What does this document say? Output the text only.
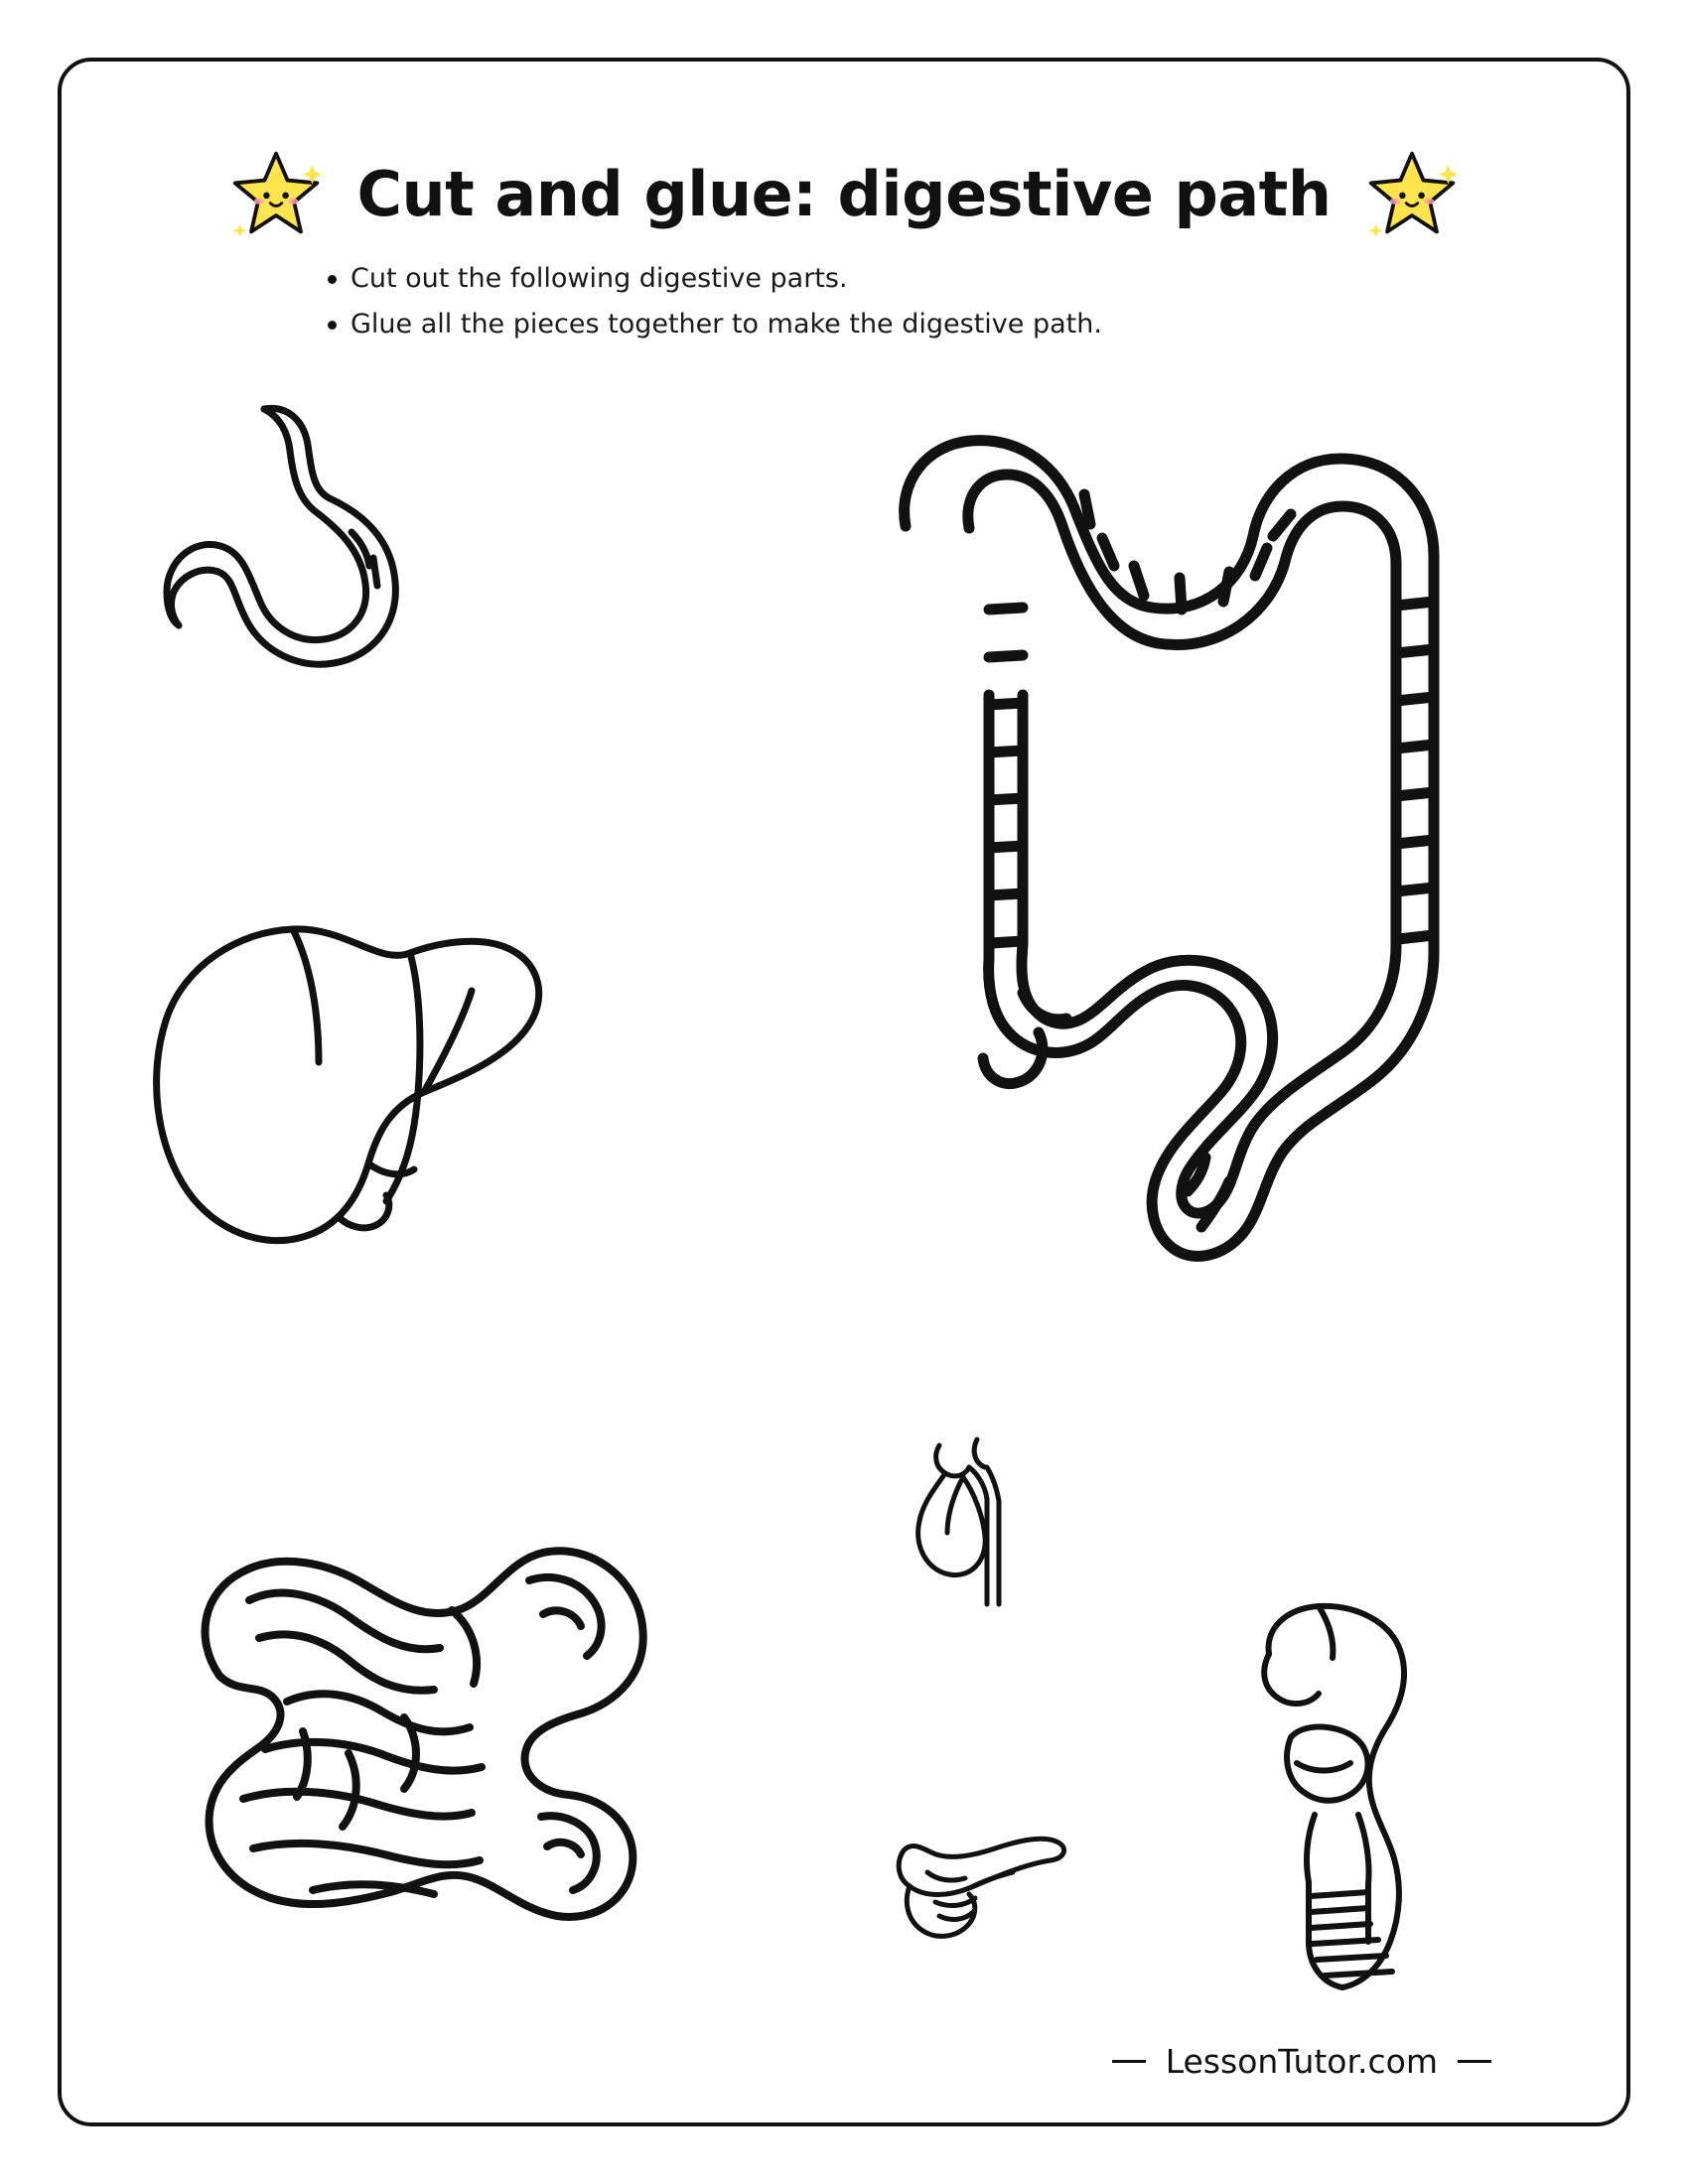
Cut and glue: digestive path
Cut out the following digestive parts.
Glue all the pieces together to make the digestive path.
LessonTutor.com
